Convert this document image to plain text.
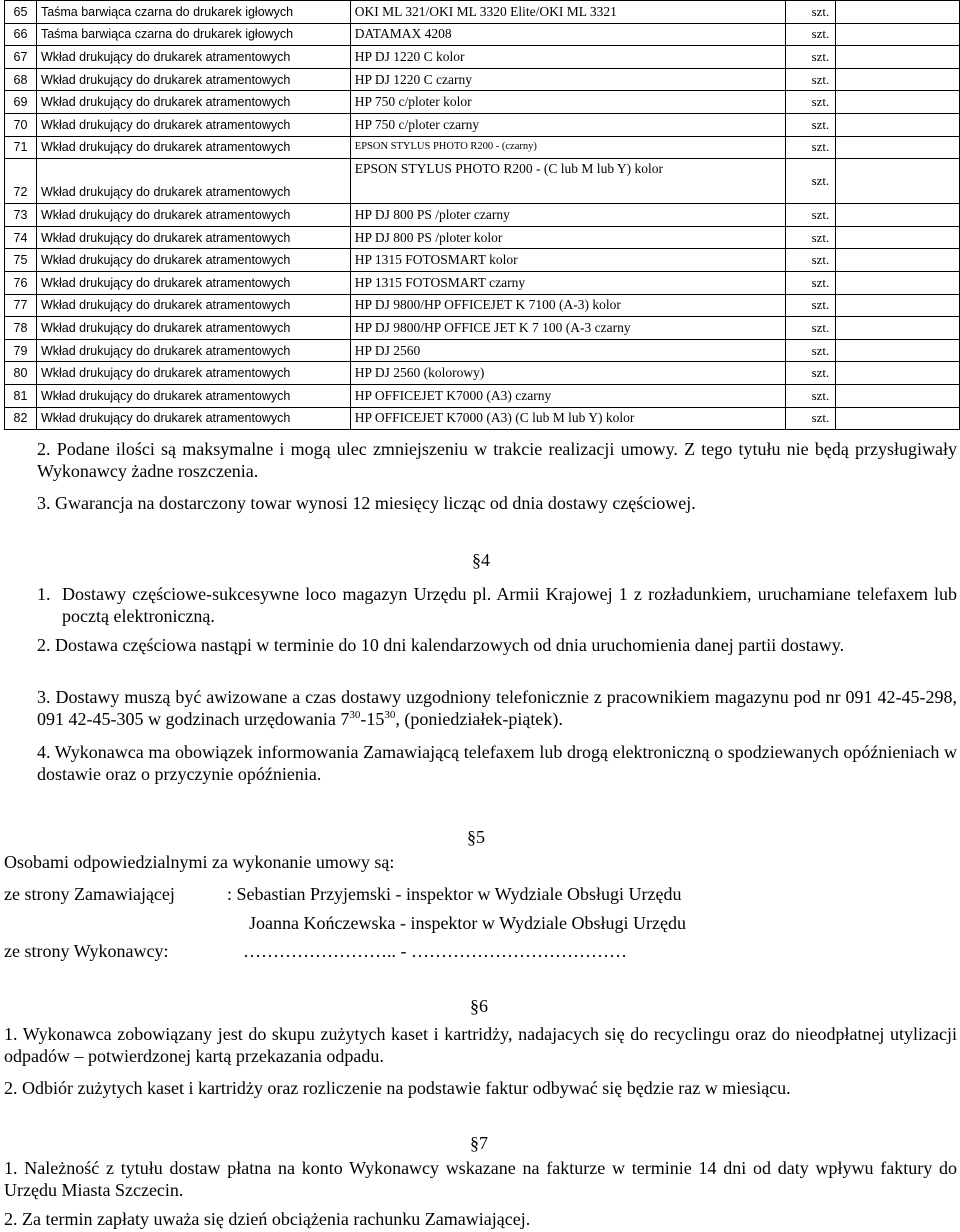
65	Taśma barwiąca czarna do drukarek igłowych	OKI ML 321/OKI ML 3320 Elite/OKI ML 3321	szt.	
66	Taśma barwiąca czarna do drukarek igłowych	DATAMAX 4208	szt.	
67	Wkład drukujący do drukarek atramentowych	HP DJ 1220 C kolor	szt.	
68	Wkład drukujący do drukarek atramentowych	HP DJ 1220 C czarny	szt.	
69	Wkład drukujący do drukarek atramentowych	HP 750 c/ploter kolor	szt.	
70	Wkład drukujący do drukarek atramentowych	HP 750 c/ploter czarny	szt.	
71	Wkład drukujący do drukarek atramentowych	EPSON STYLUS PHOTO R200 - (czarny)	szt.	
72	Wkład drukujący do drukarek atramentowych	EPSON STYLUS PHOTO R200 - (C lub M lub Y) kolor	szt.	
73	Wkład drukujący do drukarek atramentowych	HP DJ 800 PS /ploter czarny	szt.	
74	Wkład drukujący do drukarek atramentowych	HP DJ 800 PS /ploter kolor	szt.	
75	Wkład drukujący do drukarek atramentowych	HP 1315 FOTOSMART kolor	szt.	
76	Wkład drukujący do drukarek atramentowych	HP 1315 FOTOSMART czarny	szt.	
77	Wkład drukujący do drukarek atramentowych	HP DJ 9800/HP OFFICEJET K 7100 (A-3) kolor	szt.	
78	Wkład drukujący do drukarek atramentowych	HP DJ 9800/HP OFFICE JET K 7 100 (A-3 czarny	szt.	
79	Wkład drukujący do drukarek atramentowych	HP DJ 2560	szt.	
80	Wkład drukujący do drukarek atramentowych	HP DJ 2560 (kolorowy)	szt.	
81	Wkład drukujący do drukarek atramentowych	HP OFFICEJET K7000 (A3) czarny	szt.	
82	Wkład drukujący do drukarek atramentowych	HP OFFICEJET K7000 (A3) (C lub M lub Y) kolor	szt.	

2. Podane ilości są maksymalne i mogą ulec zmniejszeniu w trakcie realizacji umowy. Z tego tytułu nie będą przysługiwały Wykonawcy żadne roszczenia.

3. Gwarancja na dostarczony towar wynosi 12 miesięcy licząc od dnia dostawy częściowej.

§4
1. Dostawy częściowe-sukcesywne loco magazyn Urzędu pl. Armii Krajowej 1 z rozładunkiem, uruchamiane telefaxem lub pocztą elektroniczną.

2. Dostawa częściowa nastąpi w terminie do 10 dni kalendarzowych od dnia uruchomienia danej partii dostawy.

3. Dostawy muszą być awizowane a czas dostawy uzgodniony telefonicznie z pracownikiem magazynu pod nr 091 42-45-298, 091 42-45-305 w godzinach urzędowania $7^{30}-15^{30}$, (poniedziałek-piątek).

4. Wykonawca ma obowiązek informowania Zamawiającą telefaxem lub drogą elektroniczną o spodziewanych opóźnieniach w dostawie oraz o przyczynie opóźnienia.

§5
Osobami odpowiedzialnymi za wykonanie umowy są:
ze strony Zamawiającej	: Sebastian Przyjemski - inspektor w Wydziale Obsługi Urzędu
Joanna Kończewska - inspektor w Wydziale Obsługi Urzędu
ze strony Wykonawcy:	…………………….. - ………………………………
§6

1. Wykonawca zobowiązany jest do skupu zużytych kaset i kartridży, nadajacych się do recyclingu oraz do nieodpłatnej utylizacji odpadów – potwierdzonej kartą przekazania odpadu.

2. Odbiór zużytych kaset i kartridży oraz rozliczenie na podstawie faktur odbywać się będzie raz w miesiącu.

§7

1. Należność z tytułu dostaw płatna na konto Wykonawcy wskazane na fakturze w terminie 14 dni od daty wpływu faktury do Urzędu Miasta Szczecin.

2. Za termin zapłaty uważa się dzień obciążenia rachunku Zamawiającej.
